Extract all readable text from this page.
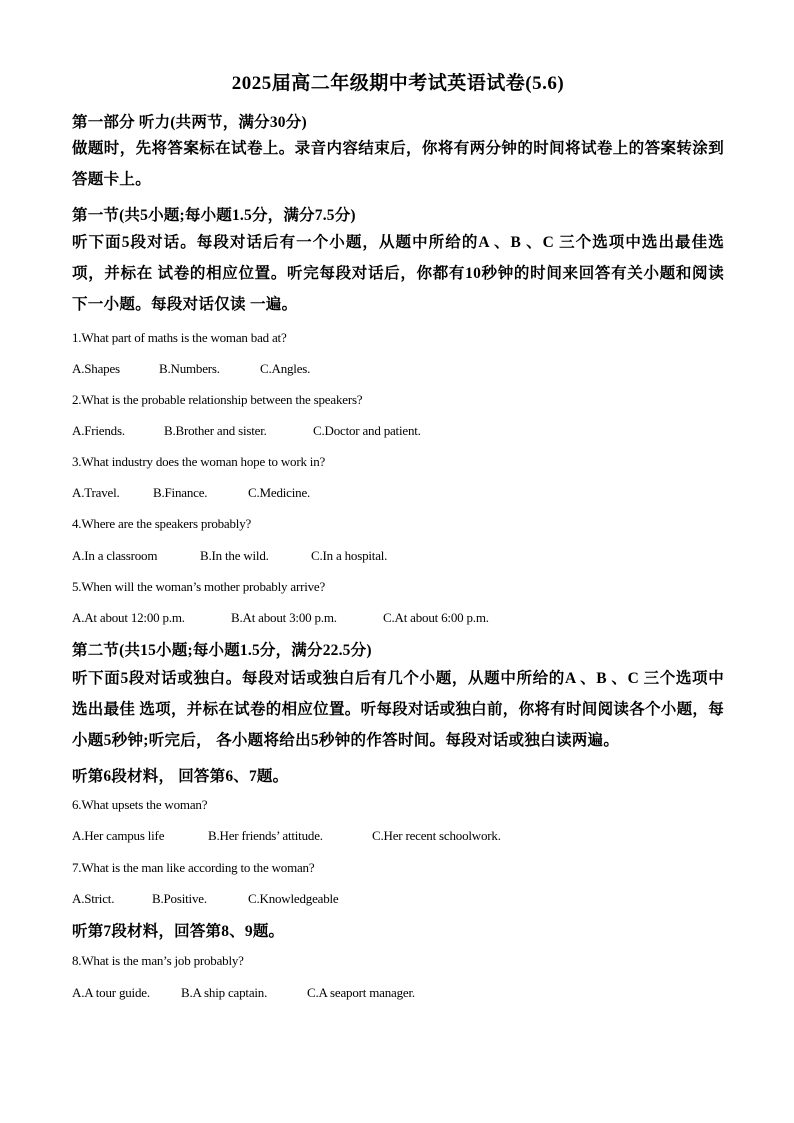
2025届高二年级期中考试英语试卷(5.6)
第一部分 听力(共两节，满分30分)
做题时，先将答案标在试卷上。录音内容结束后，你将有两分钟的时间将试卷上的答案转涂到答题卡上。
第一节(共5小题;每小题1.5分，满分7.5分)
听下面5段对话。每段对话后有一个小题，从题中所给的A 、B 、C 三个选项中选出最佳选项，并标在 试卷的相应位置。听完每段对话后，你都有10秒钟的时间来回答有关小题和阅读下一小题。每段对话仅读 一遍。
1.What part of maths is the woman bad at?
A.Shapes	B.Numbers.	C.Angles.
2.What is the probable relationship between the speakers?
A.Friends.	B.Brother and sister.	C.Doctor and patient.
3.What industry does the woman hope to work in?
A.Travel.	B.Finance.	C.Medicine.
4.Where are the speakers probably?
A.In a classroom	B.In the wild.	C.In a hospital.
5.When will the woman’s mother probably arrive?
A.At about 12:00 p.m.	B.At about 3:00 p.m.	C.At about 6:00 p.m.
第二节(共15小题;每小题1.5分，满分22.5分)
听下面5段对话或独白。每段对话或独白后有几个小题，从题中所给的A 、B 、C 三个选项中选出最佳 选项，并标在试卷的相应位置。听每段对话或独白前，你将有时间阅读各个小题，每小题5秒钟;听完后， 各小题将给出5秒钟的作答时间。每段对话或独白读两遍。
听第6段材料， 回答第6、7题。
6.What upsets the woman?
A.Her campus life	B.Her friends’ attitude.	C.Her recent schoolwork.
7.What is the man like according to the woman?
A.Strict.	B.Positive.	C.Knowledgeable
听第7段材料，回答第8、9题。
8.What is the man’s job probably?
A.A tour guide. B.A ship captain.	C.A seaport manager.
